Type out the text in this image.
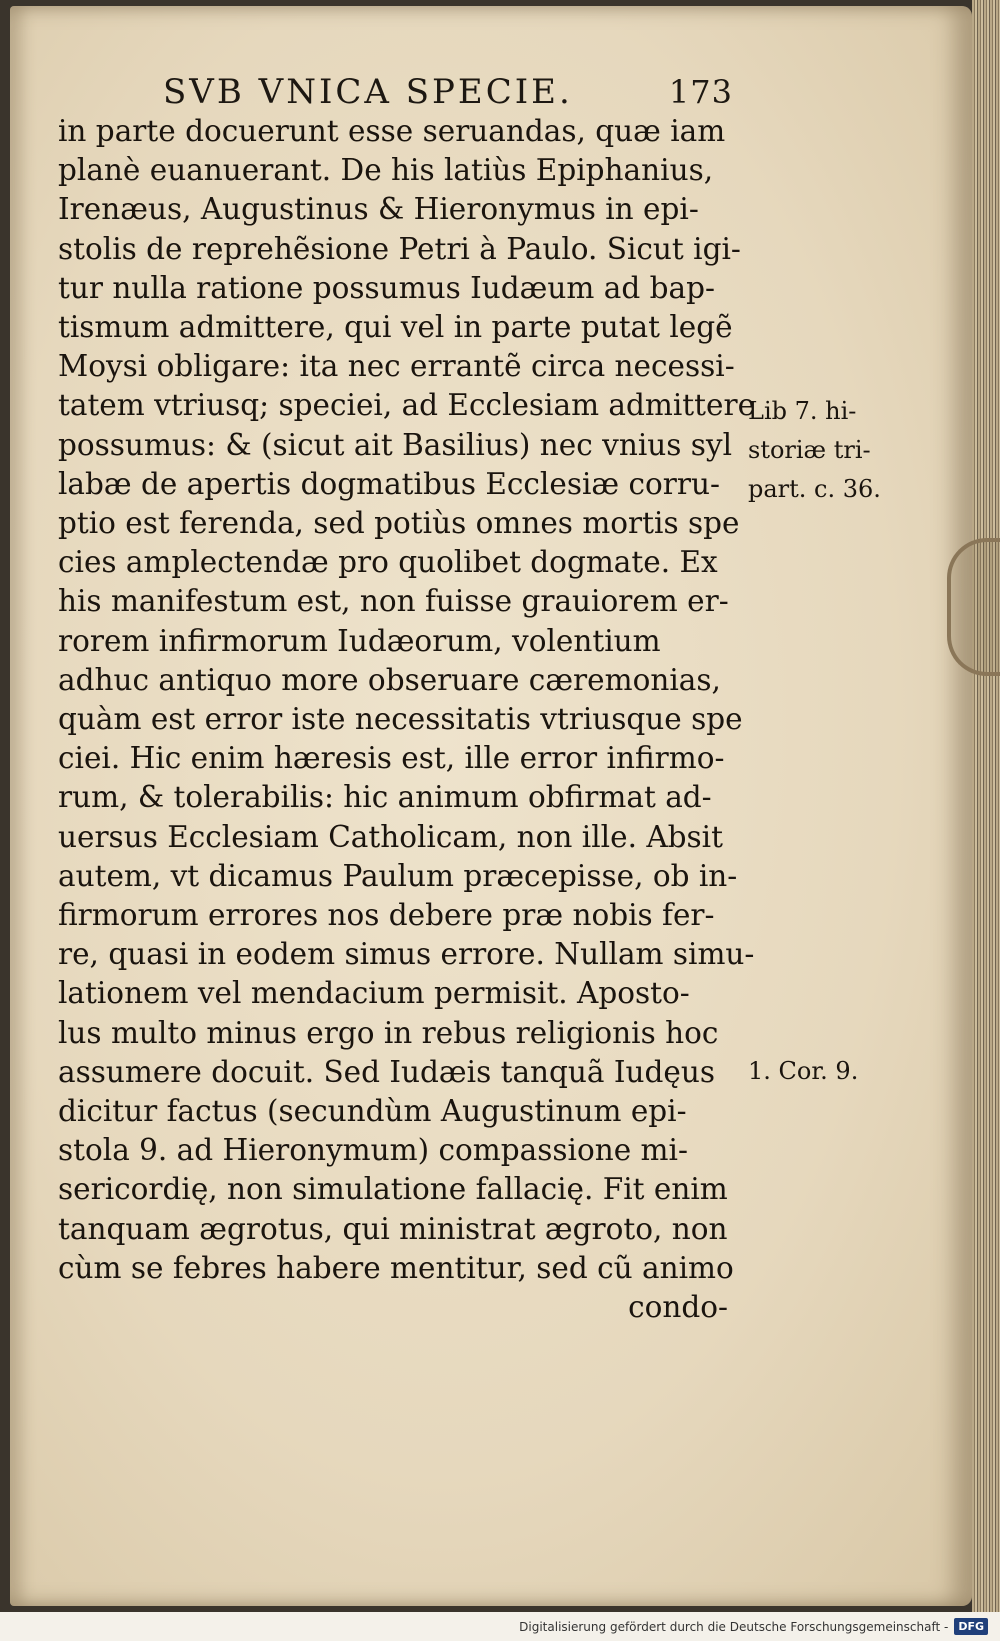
SVB VNICA SPECIE.	173
in parte docuerunt esse seruandas, quæ iam
planè euanuerant. De his latiùs Epiphanius,
Irenæus, Augustinus & Hieronymus in epi-
stolis de reprehẽsione Petri à Paulo. Sicut igi-
tur nulla ratione possumus Iudæum ad bap-
tismum admittere, qui vel in parte putat legẽ
Moysi obligare: ita nec errantẽ circa necessi-
tatem vtriusq; speciei, ad Ecclesiam admittere
possumus: & (sicut ait Basilius) nec vnius syl
labæ de apertis dogmatibus Ecclesiæ corru-
ptio est ferenda, sed potiùs omnes mortis spe
cies amplectendæ pro quolibet dogmate. Ex
his manifestum est, non fuisse grauiorem er-
rorem infirmorum Iudæorum, volentium
adhuc antiquo more obseruare cæremonias,
quàm est error iste necessitatis vtriusque spe
ciei. Hic enim hæresis est, ille error infirmo-
rum, & tolerabilis: hic animum obfirmat ad-
uersus Ecclesiam Catholicam, non ille. Absit
autem, vt dicamus Paulum præcepisse, ob in-
firmorum errores nos debere præ nobis fer-
re, quasi in eodem simus errore. Nullam simu-
lationem vel mendacium permisit. Aposto-
lus multo minus ergo in rebus religionis hoc
assumere docuit. Sed Iudæis tanquã Iudęus
dicitur factus (secundùm Augustinum epi-
stola 9. ad Hieronymum) compassione mi-
sericordię, non simulatione fallacię. Fit enim
tanquam ægrotus, qui ministrat ægroto, non
cùm se febres habere mentitur, sed cũ animo
condo-
Lib 7. hi-
storiæ tri-
part. c. 36.
1. Cor. 9.
Digitalisierung gefördert durch die Deutsche Forschungsgemeinschaft - DFG
